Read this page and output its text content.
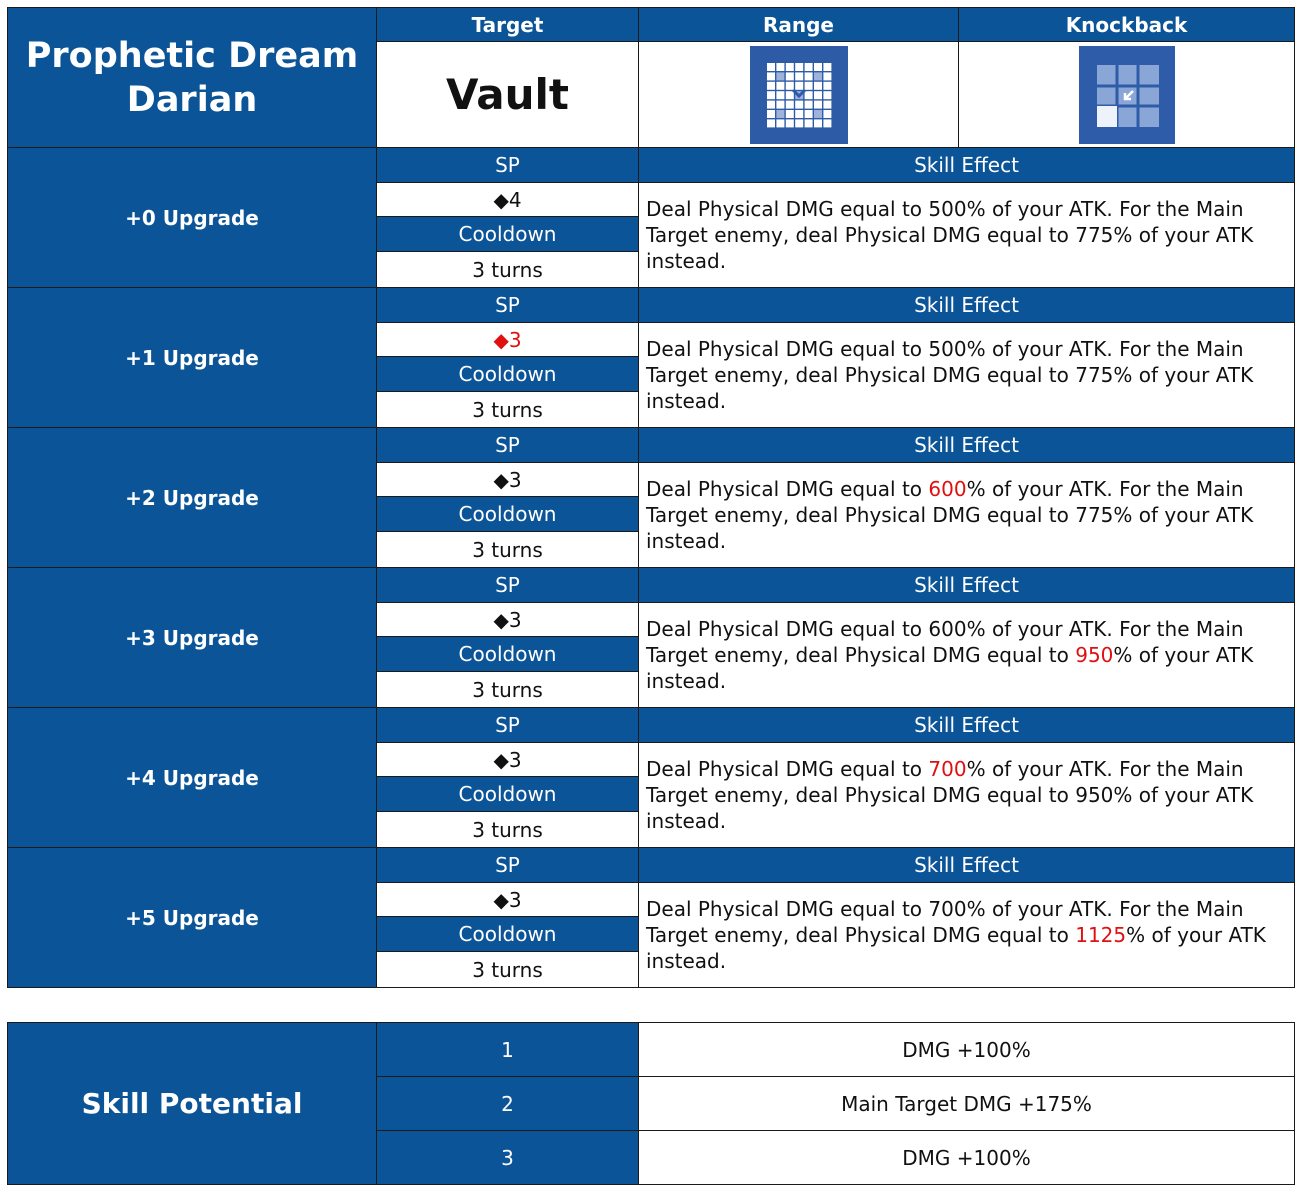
Prophetic Dream
Darian	Target	Range	Knockback
	Vault	

+0 Upgrade	SP	Skill Effect	
	◆4	Deal Physical DMG equal to 500% of your ATK. For the Main Target enemy, deal Physical DMG equal to 775% of your ATK instead.	
	Cooldown		
	3 turns		
+1 Upgrade	SP	Skill Effect	
	◆3	Deal Physical DMG equal to 500% of your ATK. For the Main Target enemy, deal Physical DMG equal to 775% of your ATK instead.	
	Cooldown		
	3 turns		
+2 Upgrade	SP	Skill Effect	
	◆3	Deal Physical DMG equal to 600% of your ATK. For the Main Target enemy, deal Physical DMG equal to 775% of your ATK instead.	
	Cooldown		
	3 turns		
+3 Upgrade	SP	Skill Effect	
	◆3	Deal Physical DMG equal to 600% of your ATK. For the Main Target enemy, deal Physical DMG equal to 950% of your ATK instead.	
	Cooldown		
	3 turns		
+4 Upgrade	SP	Skill Effect	
	◆3	Deal Physical DMG equal to 700% of your ATK. For the Main Target enemy, deal Physical DMG equal to 950% of your ATK instead.	
	Cooldown		
	3 turns		
+5 Upgrade	SP	Skill Effect	
	◆3	Deal Physical DMG equal to 700% of your ATK. For the Main Target enemy, deal Physical DMG equal to 1125% of your ATK instead.	
	Cooldown		
	3 turns		
Skill Potential	1	DMG +100%
	2	Main Target DMG +175%
	3	DMG +100%
